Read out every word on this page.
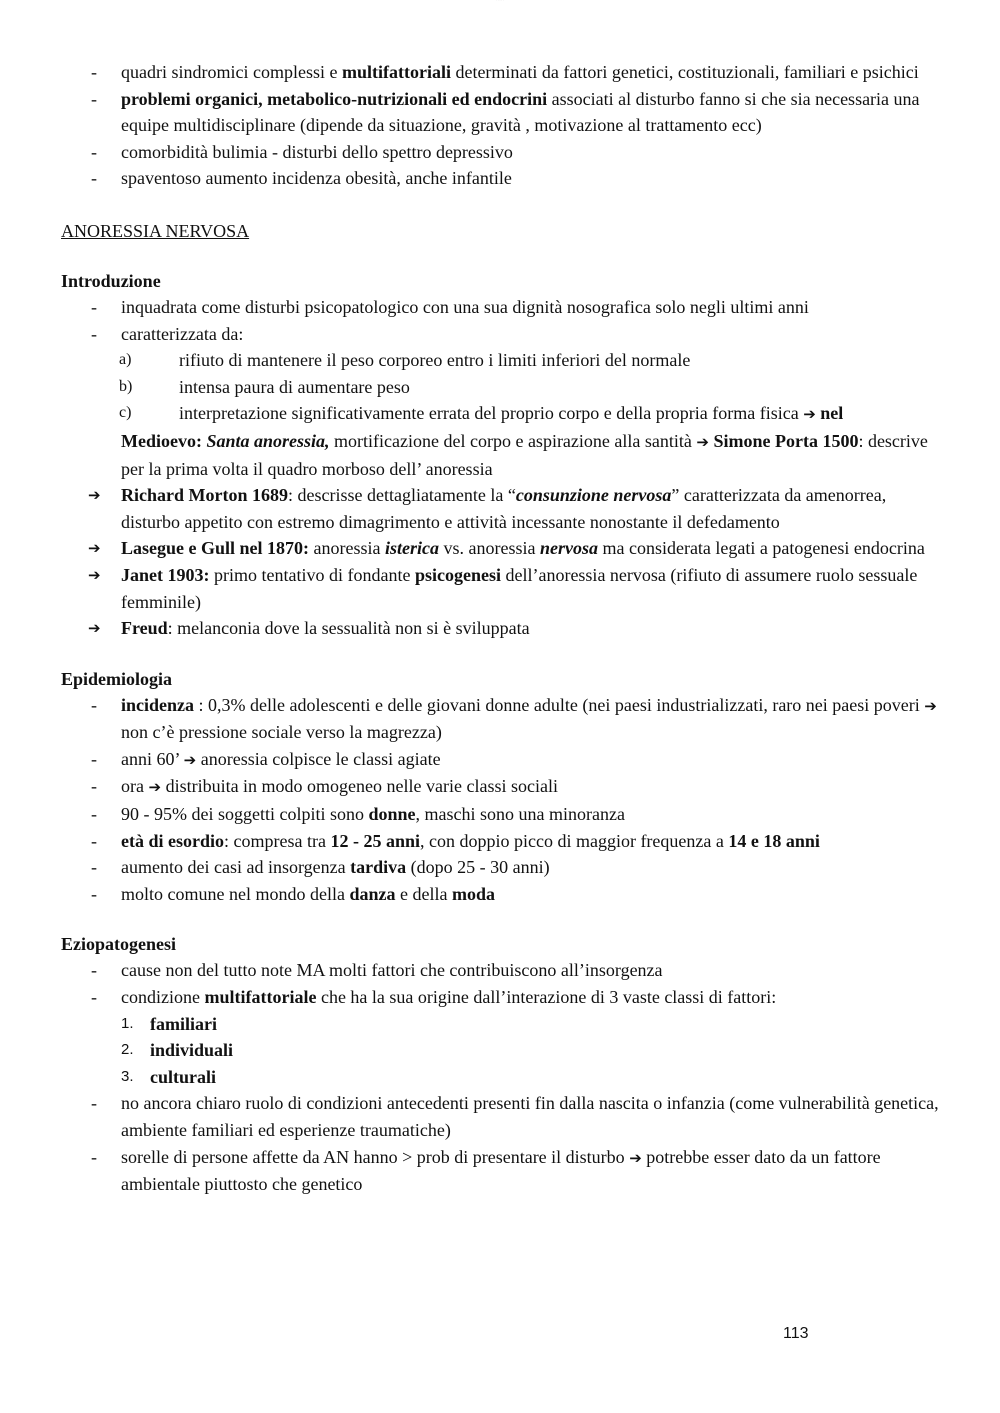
· · · · ·
- quadri sindromici complessi e multifattoriali determinati da fattori genetici, costituzionali, familiari e psichici
- problemi organici, metabolico-nutrizionali ed endocrini associati al disturbo fanno si che sia necessaria una equipe multidisciplinare (dipende da situazione, gravità , motivazione al trattamento ecc)
- comorbidità bulimia - disturbi dello spettro depressivo
- spaventoso aumento incidenza obesità, anche infantile
ANORESSIA NERVOSA
Introduzione
- inquadrata come disturbi psicopatologico con una sua dignità nosografica solo negli ultimi anni
- caratterizzata da:
a)	rifiuto di mantenere il peso corporeo entro i limiti inferiori del normale
b)	intensa paura di aumentare peso
c)	interpretazione significativamente errata del proprio corpo e della propria forma fisica ➔ nel
Medioevo: Santa anoressia, mortificazione del corpo e aspirazione alla santità ➔ Simone Porta 1500: descrive per la prima volta il quadro morboso dell’ anoressia
➔ Richard Morton 1689: descrisse dettagliatamente la “consunzione nervosa” caratterizzata da amenorrea, disturbo appetito con estremo dimagrimento e attività incessante nonostante il defedamento
➔ Lasegue e Gull nel 1870: anoressia isterica vs. anoressia nervosa ma considerata legati a patogenesi endocrina
➔ Janet 1903: primo tentativo di fondante psicogenesi dell’anoressia nervosa (rifiuto di assumere ruolo sessuale femminile)
➔ Freud: melanconia dove la sessualità non si è sviluppata
Epidemiologia
- incidenza : 0,3% delle adolescenti e delle giovani donne adulte (nei paesi industrializzati, raro nei paesi poveri ➔ non c’è pressione sociale verso la magrezza)
- anni 60’ ➔ anoressia colpisce le classi agiate
- ora ➔ distribuita in modo omogeneo nelle varie classi sociali
- 90 - 95% dei soggetti colpiti sono donne, maschi sono una minoranza
- età di esordio: compresa tra 12 - 25 anni, con doppio picco di maggior frequenza a 14 e 18 anni
- aumento dei casi ad insorgenza tardiva (dopo 25 - 30 anni)
- molto comune nel mondo della danza e della moda
Eziopatogenesi
- cause non del tutto note MA molti fattori che contribuiscono all’insorgenza
- condizione multifattoriale che ha la sua origine dall’interazione di 3 vaste classi di fattori:
1. familiari
2. individuali
3. culturali
- no ancora chiaro ruolo di condizioni antecedenti presenti fin dalla nascita o infanzia (come vulnerabilità genetica, ambiente familiari ed esperienze traumatiche)
- sorelle di persone affette da AN hanno > prob di presentare il disturbo ➔ potrebbe esser dato da un fattore ambientale piuttosto che genetico
113
